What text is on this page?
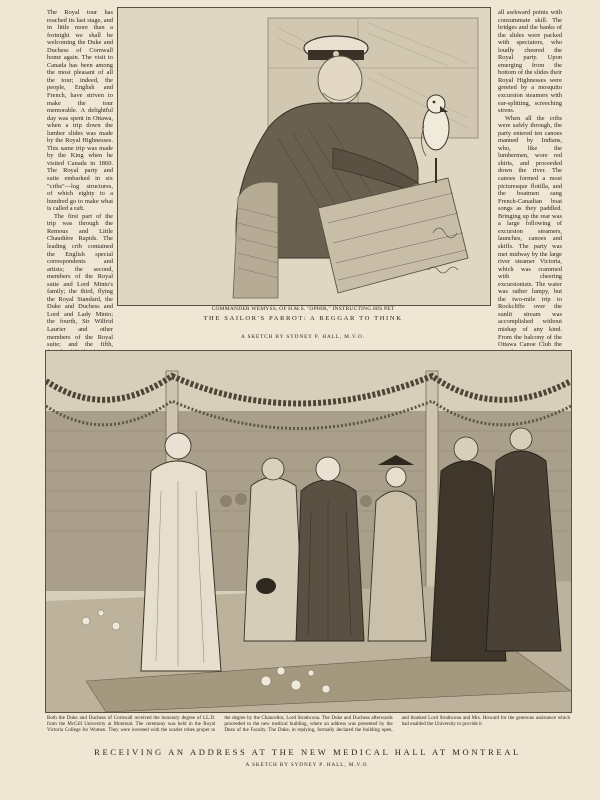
The Royal tour has reached its last stage, and in little more than a fortnight we shall be welcoming the Duke and Duchess of Cornwall home again. The visit to Canada has been among the most pleasant of all the tour; indeed, the people, English and French, have striven to make the tour memorable. A delightful day was spent in Ottawa, when a trip down the lumber slides was made by the Royal Highnesses. This same trip was made by the King when he visited Canada in 1860. The Royal party and suite embarked in six "cribs"—log structures, of which eighty to a hundred go to make what is called a raft.

The first part of the trip was through the Remous and Little Chaudière Rapids. The leading crib contained the English special correspondents and artists; the second, members of the Royal suite and Lord Minto's family; the third, flying the Royal Standard, the Duke and Duchess and Lord and Lady Minto; the fourth, Sir Wilfrid Laurier and other members of the Royal suite; and the fifth,

COMMANDER WEMYSS, OF H.M.S. "OPHIR," INSTRUCTING HIS PET
THE SAILOR'S PARROT: A BEGGAR TO THINK
A SKETCH BY SYDNEY P. HALL, M.V.O.

all awkward points with consummate skill. The bridges and the banks of the slides were packed with spectators, who loudly cheered the Royal party. Upon emerging from the bottom of the slides their Royal Highnesses were greeted by a mosquito excursion steamers with ear-splitting, screeching sirens.

When all the cribs were safely through, the party entered ten canoes manned by Indians, who, like the lumbermen, wore red shirts, and proceeded down the river. The canoes formed a most picturesque flotilla, and the boatmen sang French-Canadian boat songs as they paddled. Bringing up the rear was a large following of excursion steamers, launches, canoes and skiffs. The party was met midway by the large river steamer Victoria, which was crammed with cheering excursionists. The water was rather lumpy, but the two-mile trip to Rockcliffe over the sunlit stream was accomplished without mishap of any kind. From the balcony of the Ottawa Canoe Club the

Both the Duke and Duchess of Cornwall received the honorary degree of LL.D. from the McGill University at Montreal. The ceremony was held in the Royal Victoria College for Women. They were invested with the scarlet robes proper to the degree by the Chancellor, Lord Strathcona. The Duke and Duchess afterwards proceeded to the new medical building, where an address was presented by the Dean of the Faculty. The Duke, in replying, formally declared the building open, and thanked Lord Strathcona and Mrs. Howard for the generous assistance which had enabled the University to provide it
RECEIVING AN ADDRESS AT THE NEW MEDICAL HALL AT MONTREAL
A SKETCH BY SYDNEY P. HALL, M.V.O.
